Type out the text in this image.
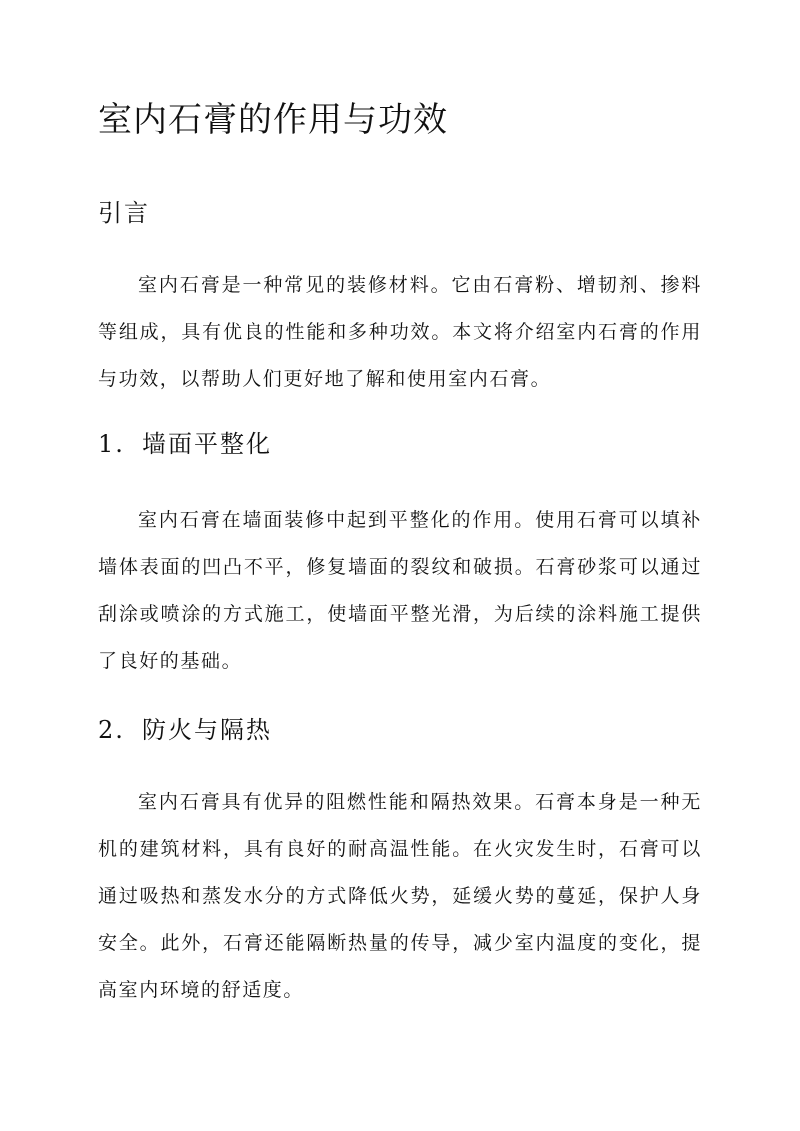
室内石膏的作用与功效
引言

室内石膏是一种常见的装修材料。它由石膏粉、增韧剂、掺料等组成，具有优良的性能和多种功效。本文将介绍室内石膏的作用与功效，以帮助人们更好地了解和使用室内石膏。

1. 墙面平整化

室内石膏在墙面装修中起到平整化的作用。使用石膏可以填补墙体表面的凹凸不平，修复墙面的裂纹和破损。石膏砂浆可以通过刮涂或喷涂的方式施工，使墙面平整光滑，为后续的涂料施工提供了良好的基础。

2. 防火与隔热

室内石膏具有优异的阻燃性能和隔热效果。石膏本身是一种无机的建筑材料，具有良好的耐高温性能。在火灾发生时，石膏可以通过吸热和蒸发水分的方式降低火势，延缓火势的蔓延，保护人身安全。此外，石膏还能隔断热量的传导，减少室内温度的变化，提高室内环境的舒适度。
